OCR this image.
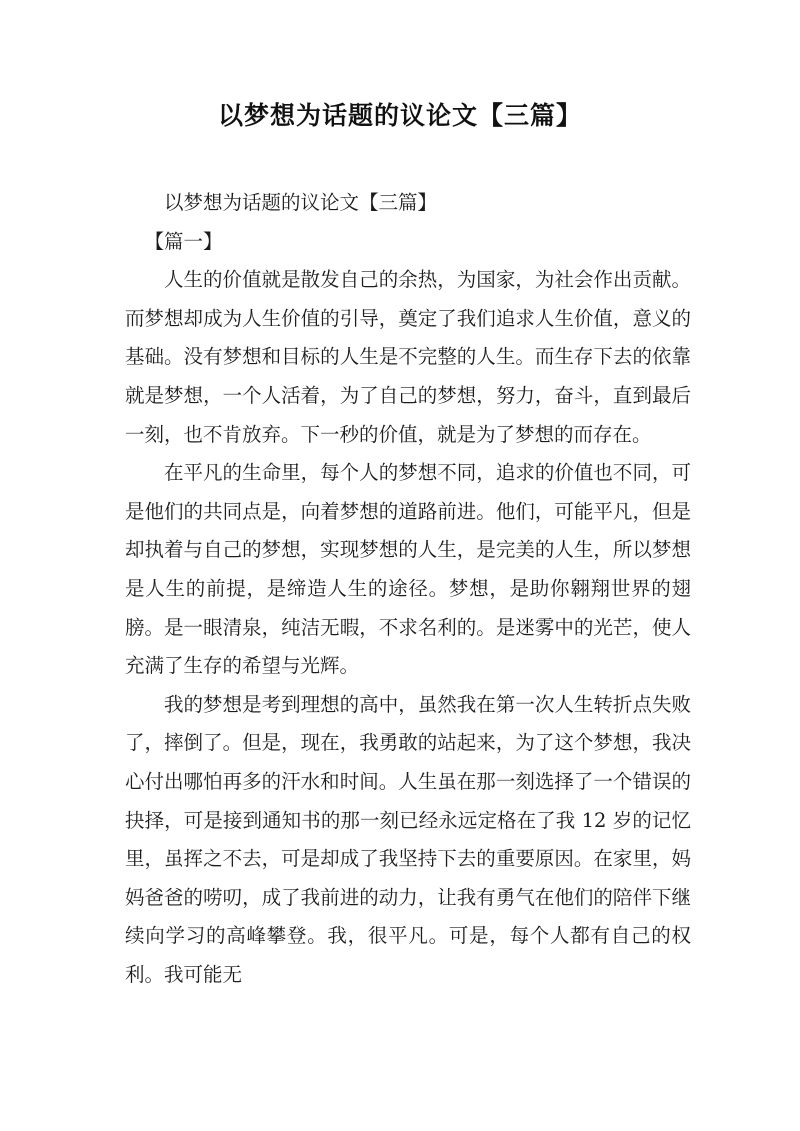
以梦想为话题的议论文【三篇】

以梦想为话题的议论文【三篇】

【篇一】

人生的价值就是散发自己的余热，为国家，为社会作出贡献。而梦想却成为人生价值的引导，奠定了我们追求人生价值，意义的基础。没有梦想和目标的人生是不完整的人生。而生存下去的依靠就是梦想，一个人活着，为了自己的梦想，努力，奋斗，直到最后一刻，也不肯放弃。下一秒的价值，就是为了梦想的而存在。

在平凡的生命里，每个人的梦想不同，追求的价值也不同，可是他们的共同点是，向着梦想的道路前进。他们，可能平凡，但是却执着与自己的梦想，实现梦想的人生，是完美的人生，所以梦想是人生的前提，是缔造人生的途径。梦想，是助你翱翔世界的翅膀。是一眼清泉，纯洁无暇，不求名利的。是迷雾中的光芒，使人充满了生存的希望与光辉。

我的梦想是考到理想的高中，虽然我在第一次人生转折点失败了，摔倒了。但是，现在，我勇敢的站起来，为了这个梦想，我决心付出哪怕再多的汗水和时间。人生虽在那一刻选择了一个错误的抉择，可是接到通知书的那一刻已经永远定格在了我 12 岁的记忆里，虽挥之不去，可是却成了我坚持下去的重要原因。在家里，妈妈爸爸的唠叨，成了我前进的动力，让我有勇气在他们的陪伴下继续向学习的高峰攀登。我，很平凡。可是，每个人都有自己的权利。我可能无
